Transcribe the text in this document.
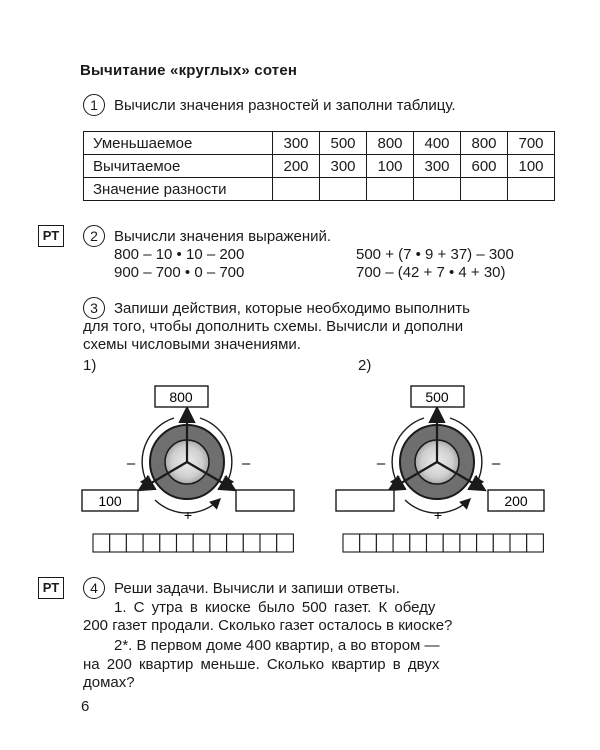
Вычитание «круглых» сотен
1	Вычисли значения разностей и заполни таблицу.
Уменьшаемое	300	500	800	400	800	700
Вычитаемое	200	300	100	300	600	100
Значение разности						
РТ	2	Вычисли значения выражений.
800 – 10 • 10 – 200
900 – 700 • 0 – 700
500 + (7 • 9 + 37) – 300
700 – (42 + 7 • 4 + 30)
3	Запиши действия, которые необходимо выполнить
для того, чтобы дополнить схемы. Вычисли и дополни
схемы числовыми значениями.
1)	2)
800
100
–	–
+
500
200
–	–
+
РТ	4	Реши задачи. Вычисли и запиши ответы.
1. С утра в киоске было 500 газет. К обеду
200 газет продали. Сколько газет осталось в киоске?
2*. В первом доме 400 квартир, а во втором —
на 200 квартир меньше. Сколько квартир в двух
домах?
6
